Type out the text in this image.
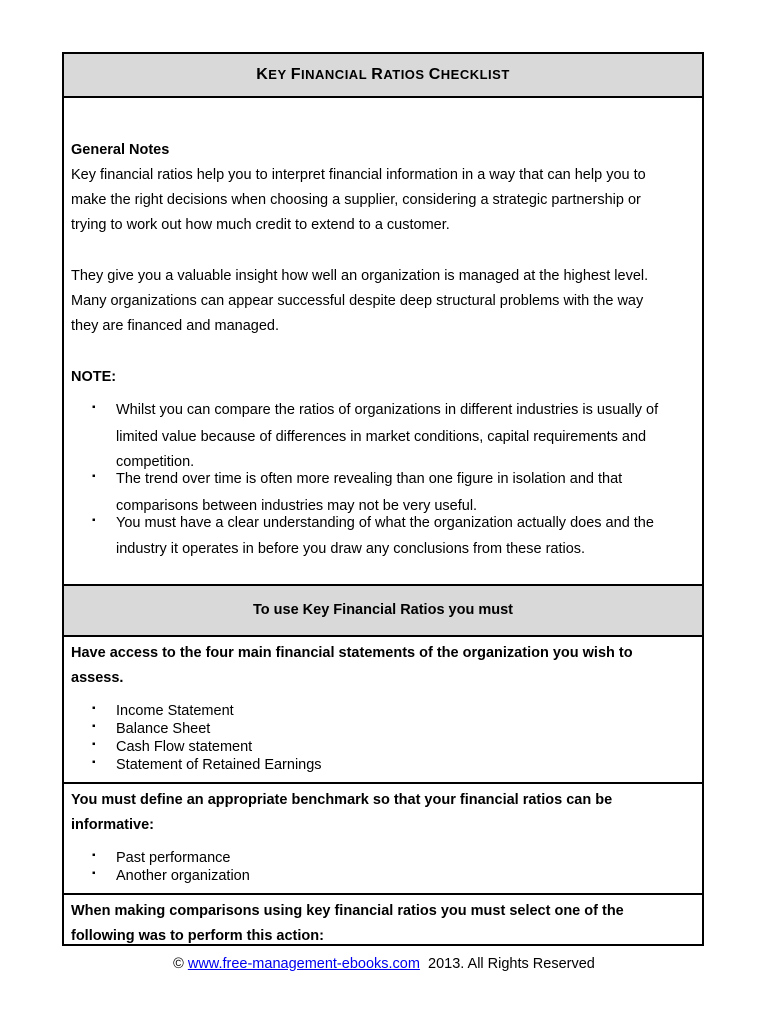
KEY FINANCIAL RATIOS CHECKLIST
General Notes
Key financial ratios help you to interpret financial information in a way that can help you to
make the right decisions when choosing a supplier, considering a strategic partnership or
trying to work out how much credit to extend to a customer.
They give you a valuable insight how well an organization is managed at the highest level.
Many organizations can appear successful despite deep structural problems with the way
they are financed and managed.
NOTE:
▪ Whilst you can compare the ratios of organizations in different industries is usually of
limited value because of differences in market conditions, capital requirements and
competition.
▪ The trend over time is often more revealing than one figure in isolation and that
comparisons between industries may not be very useful.
▪ You must have a clear understanding of what the organization actually does and the
industry it operates in before you draw any conclusions from these ratios.
To use Key Financial Ratios you must
Have access to the four main financial statements of the organization you wish to
assess.
▪ Income Statement
▪ Balance Sheet
▪ Cash Flow statement
▪ Statement of Retained Earnings
You must define an appropriate benchmark so that your financial ratios can be
informative:
▪ Past performance
▪ Another organization
When making comparisons using key financial ratios you must select one of the
following was to perform this action:
© www.free-management-ebooks.com 2013. All Rights Reserved
